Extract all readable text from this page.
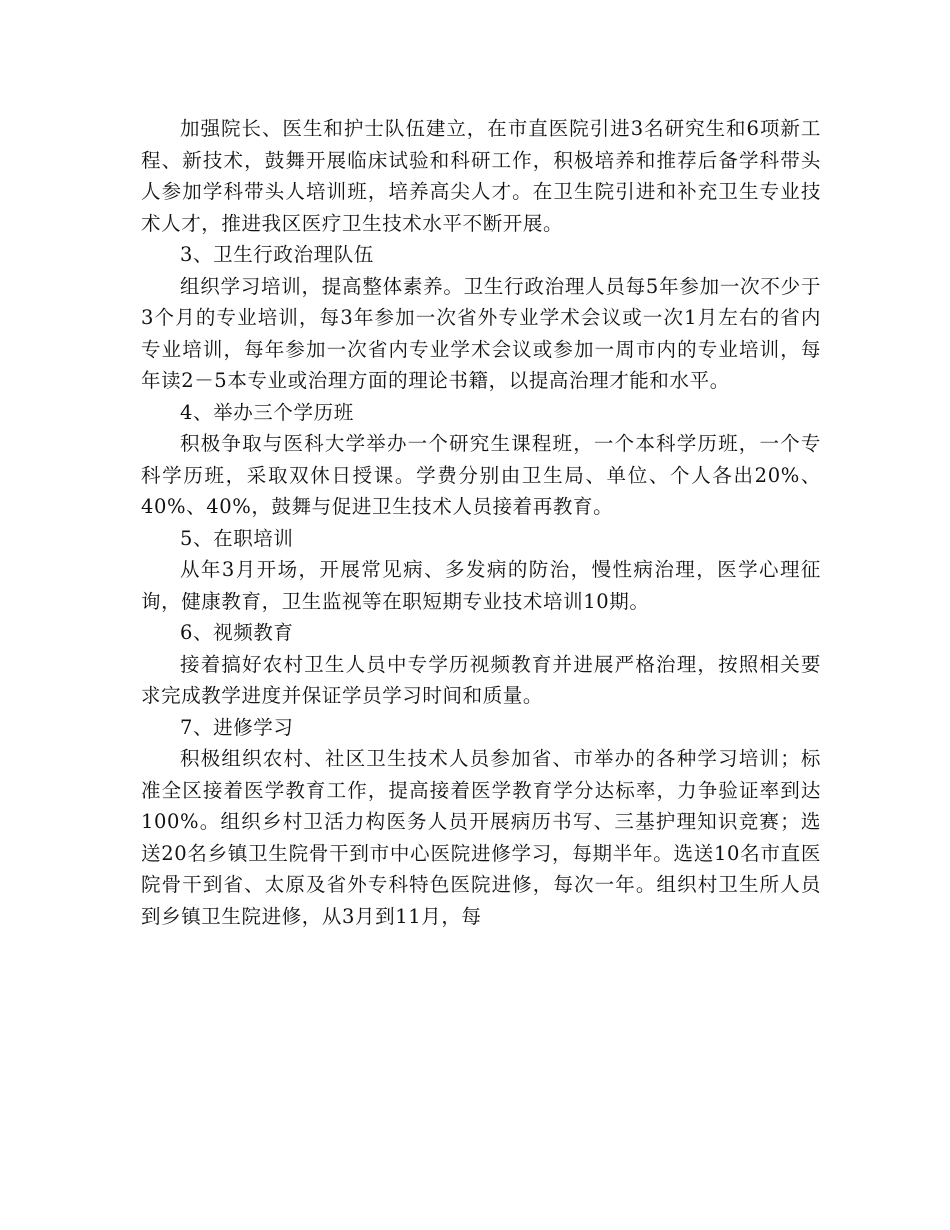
加强院长、医生和护士队伍建立，在市直医院引进3名研究生和6项新工程、新技术，鼓舞开展临床试验和科研工作，积极培养和推荐后备学科带头人参加学科带头人培训班，培养高尖人才。在卫生院引进和补充卫生专业技术人才，推进我区医疗卫生技术水平不断开展。

3、卫生行政治理队伍

组织学习培训，提高整体素养。卫生行政治理人员每5年参加一次不少于3个月的专业培训，每3年参加一次省外专业学术会议或一次1月左右的省内专业培训，每年参加一次省内专业学术会议或参加一周市内的专业培训，每年读2－5本专业或治理方面的理论书籍，以提高治理才能和水平。

4、举办三个学历班

积极争取与医科大学举办一个研究生课程班，一个本科学历班，一个专科学历班，采取双休日授课。学费分别由卫生局、单位、个人各出20%、40%、40%，鼓舞与促进卫生技术人员接着再教育。

5、在职培训

从年3月开场，开展常见病、多发病的防治，慢性病治理，医学心理征询，健康教育，卫生监视等在职短期专业技术培训10期。

6、视频教育

接着搞好农村卫生人员中专学历视频教育并进展严格治理，按照相关要求完成教学进度并保证学员学习时间和质量。

7、进修学习

积极组织农村、社区卫生技术人员参加省、市举办的各种学习培训；标准全区接着医学教育工作，提高接着医学教育学分达标率，力争验证率到达100%。组织乡村卫活力构医务人员开展病历书写、三基护理知识竞赛；选送20名乡镇卫生院骨干到市中心医院进修学习，每期半年。选送10名市直医院骨干到省、太原及省外专科特色医院进修，每次一年。组织村卫生所人员到乡镇卫生院进修，从3月到11月，每
